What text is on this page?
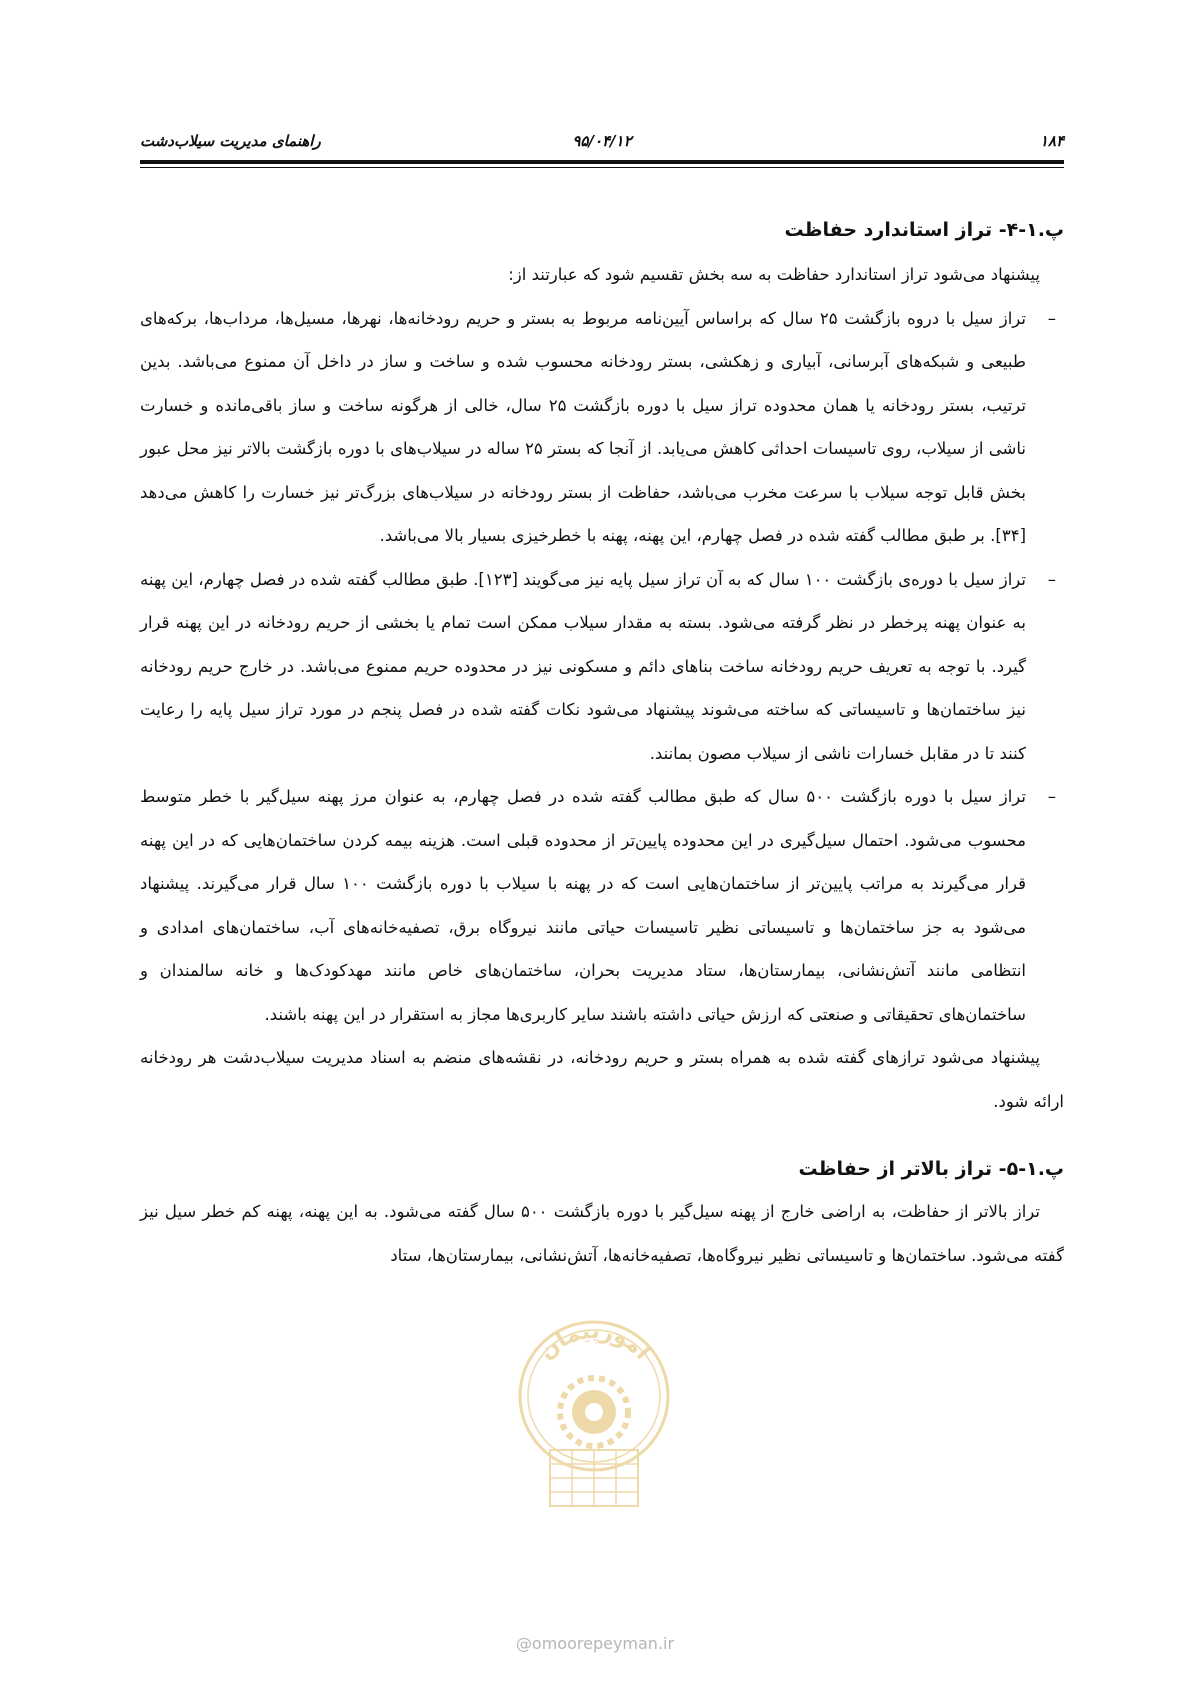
۱۸۴
۹۵/۰۴/۱۲
راهنمای مدیریت سیلاب‌دشت
پ.۱-۴- تراز استاندارد حفاظت

پیشنهاد می‌شود تراز استاندارد حفاظت به سه بخش تقسیم شود که عبارتند از:

–
تراز سیل با دروه بازگشت ۲۵ سال که براساس آیین‌نامه مربوط به بستر و حریم رودخانه‌ها، نهرها، مسیل‌ها، مرداب‌ها، برکه‌های طبیعی و شبکه‌های آبرسانی، آبیاری و زهکشی، بستر رودخانه محسوب شده و ساخت و ساز در داخل آن ممنوع می‌باشد. بدین ترتیب، بستر رودخانه یا همان محدوده تراز سیل با دوره بازگشت ۲۵ سال، خالی از هرگونه ساخت و ساز باقی‌مانده و خسارت ناشی از سیلاب، روی تاسیسات احداثی کاهش می‌یابد. از آنجا که بستر ۲۵ ساله در سیلاب‌های با دوره بازگشت بالاتر نیز محل عبور بخش قابل توجه سیلاب با سرعت مخرب می‌باشد، حفاظت از بستر رودخانه در سیلاب‌های بزرگ‌تر نیز خسارت را کاهش می‌دهد [۳۴]. بر طبق مطالب گفته شده در فصل چهارم، این پهنه، پهنه با خطرخیزی بسیار بالا می‌باشد.
–
تراز سیل با دوره‌ی بازگشت ۱۰۰ سال که به آن تراز سیل پایه نیز می‌گویند [۱۲۳]. طبق مطالب گفته شده در فصل چهارم، این پهنه به عنوان پهنه پرخطر در نظر گرفته می‌شود. بسته به مقدار سیلاب ممکن است تمام یا بخشی از حریم رودخانه در این پهنه قرار گیرد. با توجه به تعریف حریم رودخانه ساخت بناهای دائم و مسکونی نیز در محدوده حریم ممنوع می‌باشد. در خارج حریم رودخانه نیز ساختمان‌ها و تاسیساتی که ساخته می‌شوند پیشنهاد می‌شود نکات گفته شده در فصل پنجم در مورد تراز سیل پایه را رعایت کنند تا در مقابل خسارات ناشی از سیلاب مصون بمانند.
–
تراز سیل با دوره بازگشت ۵۰۰ سال که طبق مطالب گفته شده در فصل چهارم، به عنوان مرز پهنه سیل‌گیر با خطر متوسط محسوب می‌شود. احتمال سیل‌گیری در این محدوده پایین‌تر از محدوده قبلی است. هزینه بیمه کردن ساختمان‌هایی که در این پهنه قرار می‌گیرند به مراتب پایین‌تر از ساختمان‌هایی است که در پهنه با سیلاب با دوره بازگشت ۱۰۰ سال قرار می‌گیرند. پیشنهاد می‌شود به جز ساختمان‌ها و تاسیساتی نظیر تاسیسات حیاتی مانند نیروگاه برق، تصفیه‌خانه‌های آب، ساختمان‌های امدادی و انتظامی مانند آتش‌نشانی، بیمارستان‌ها، ستاد مدیریت بحران، ساختمان‌های خاص مانند مهدکودک‌ها و خانه سالمندان و ساختمان‌های تحقیقاتی و صنعتی که ارزش حیاتی داشته باشند سایر کاربری‌ها مجاز به استقرار در این پهنه باشند.

پیشنهاد می‌شود ترازهای گفته شده به همراه بستر و حریم رودخانه، در نقشه‌های منضم به اسناد مدیریت سیلاب‌دشت هر رودخانه ارائه شود.

پ.۱-۵- تراز بالاتر از حفاظت

تراز بالاتر از حفاظت، به اراضی خارج از پهنه سیل‌گیر با دوره بازگشت ۵۰۰ سال گفته می‌شود. به این پهنه، پهنه کم خطر سیل نیز گفته می‌شود. ساختمان‌ها و تاسیساتی نظیر نیروگاه‌ها، تصفیه‌خانه‌ها، آتش‌نشانی، بیمارستان‌ها، ستاد

امورپیمان
@omoorepeyman.ir
